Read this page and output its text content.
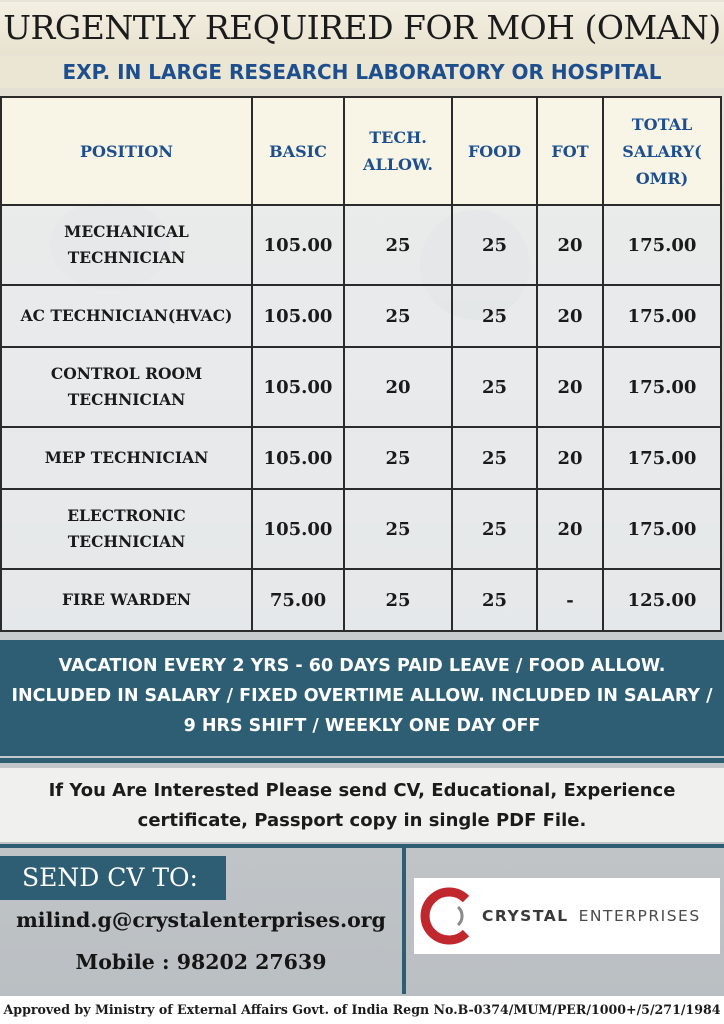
URGENTLY REQUIRED FOR MOH (OMAN)
EXP. IN LARGE RESEARCH LABORATORY OR HOSPITAL
POSITION	BASIC	TECH. ALLOW.	FOOD	FOT	TOTAL SALARY( OMR)
MECHANICAL TECHNICIAN	105.00	25	25	20	175.00
AC TECHNICIAN(HVAC)	105.00	25	25	20	175.00
CONTROL ROOM TECHNICIAN	105.00	20	25	20	175.00
MEP TECHNICIAN	105.00	25	25	20	175.00
ELECTRONIC TECHNICIAN	105.00	25	25	20	175.00
FIRE WARDEN	75.00	25	25	-	125.00
VACATION EVERY 2 YRS - 60 DAYS PAID LEAVE / FOOD ALLOW. INCLUDED IN SALARY / FIXED OVERTIME ALLOW. INCLUDED IN SALARY / 9 HRS SHIFT / WEEKLY ONE DAY OFF
If You Are Interested Please send CV, Educational, Experience certificate, Passport copy in single PDF File.
SEND CV TO:
milind.g@crystalenterprises.org
Mobile : 98202 27639
CRYSTAL ENTERPRISES
Approved by Ministry of External Affairs Govt. of India Regn No.B-0374/MUM/PER/1000+/5/271/1984
